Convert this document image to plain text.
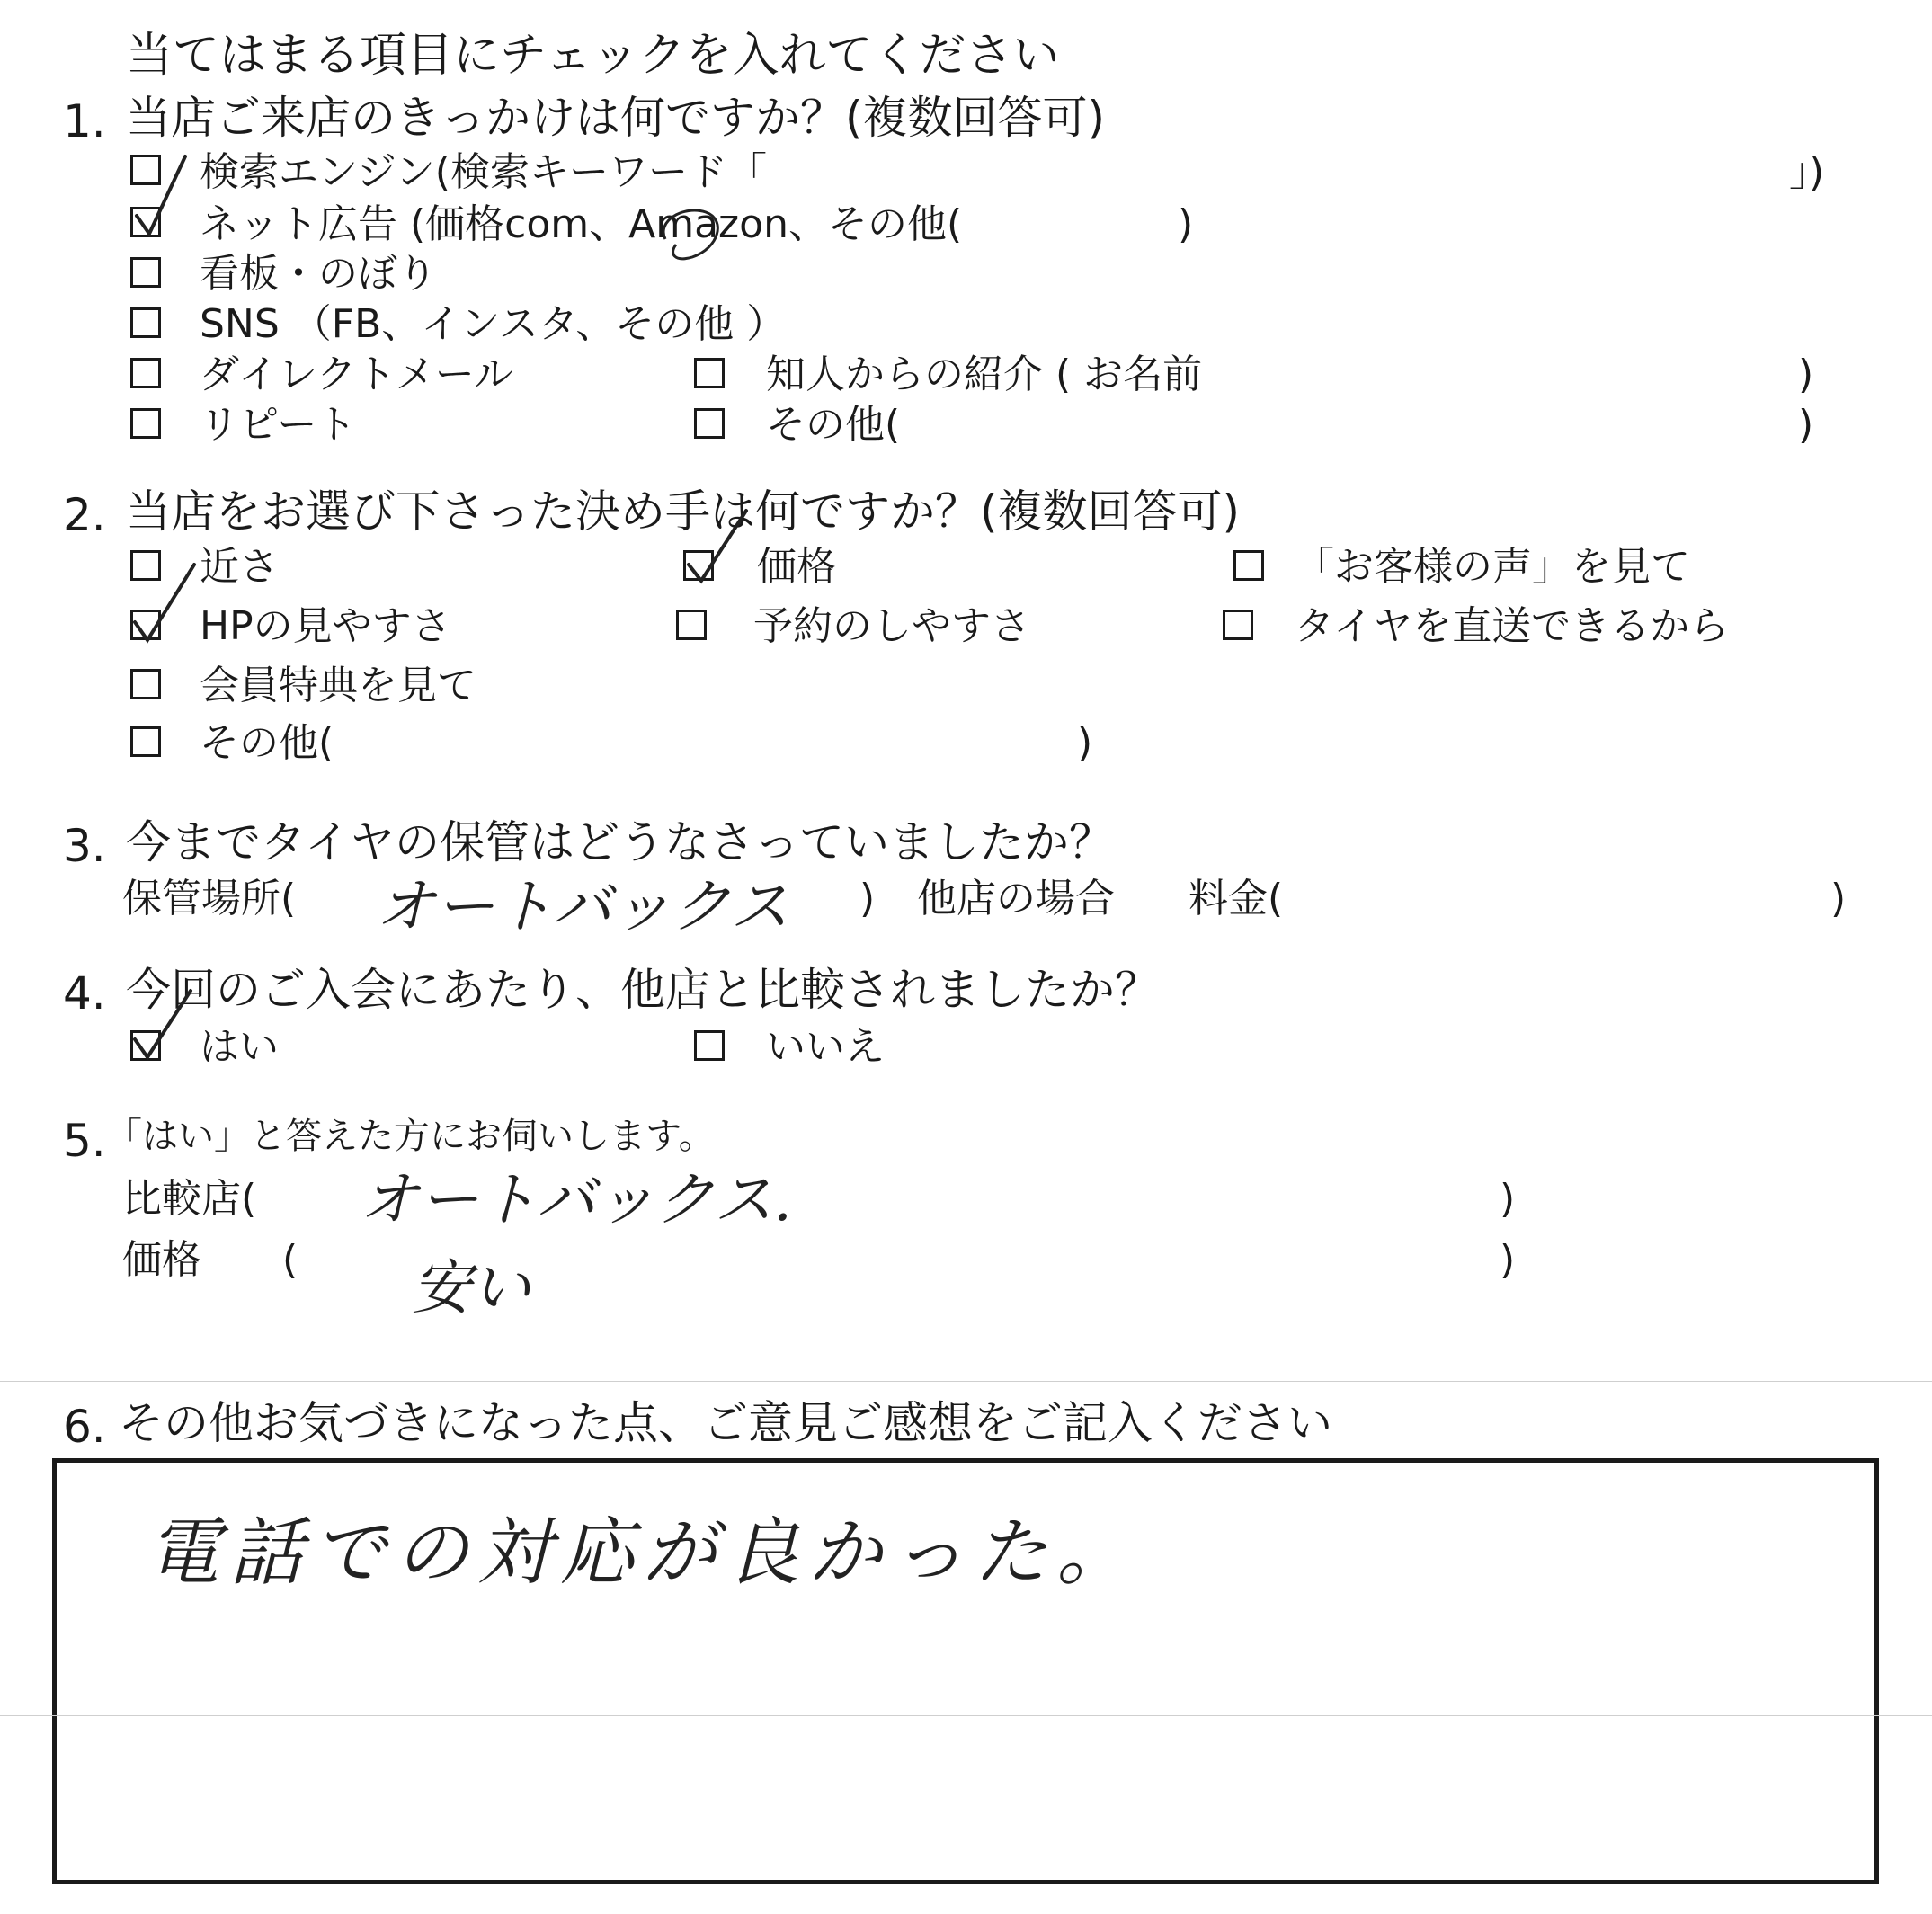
当てはまる項目にチェックを入れてください
1. 当店ご来店のきっかけは何ですか？(複数回答可)
検索エンジン(検索キーワード「	」)
ネット広告 (価格com、Amazon、その他(	)
看板・のぼり
SNS （FB、インスタ、その他 ）
ダイレクトメール	知人からの紹介 ( お名前	)
リピート	その他(	)
2. 当店をお選び下さった決め手は何ですか？(複数回答可)
近さ	価格	「お客様の声」を見て
HPの見やすさ	予約のしやすさ	タイヤを直送できるから
会員特典を見て
その他(	)
3. 今までタイヤの保管はどうなさっていましたか？
保管場所( オートバックス ) 他店の場合 料金(	)
4. 今回のご入会にあたり、他店と比較されましたか？
はい	いいえ
5. 「はい」と答えた方にお伺いします。
比較店( オートバックス.	)
価格 ( 安い	)
6. その他お気づきになった点、ご意見ご感想をご記入ください
電話での対応が良かった。
